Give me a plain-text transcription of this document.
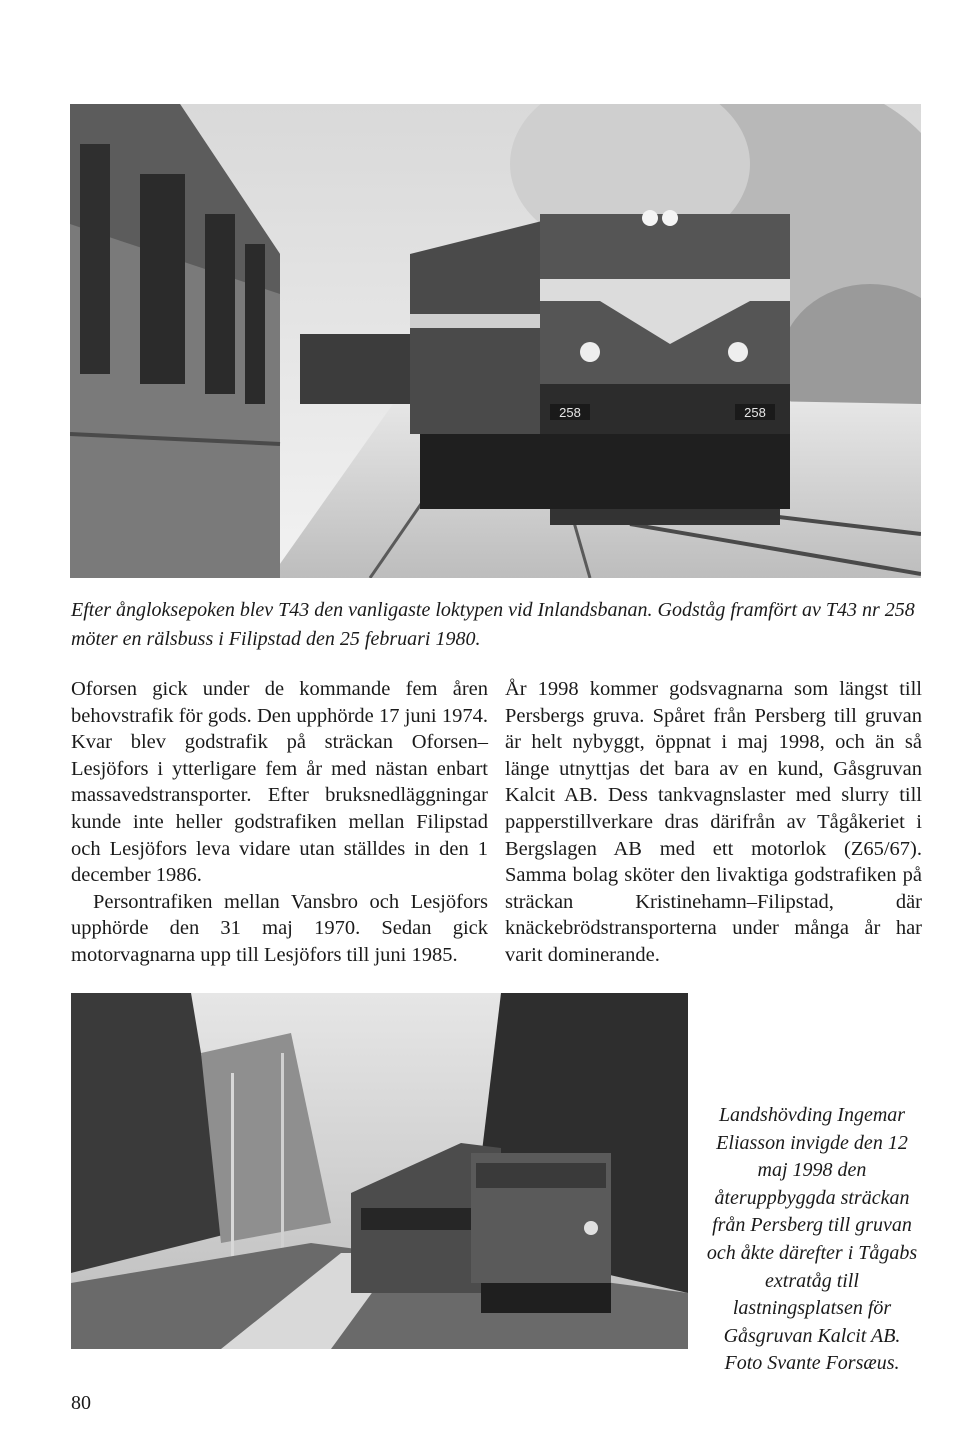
258	258
Efter ångloksepoken blev T43 den vanligaste loktypen vid Inlandsbanan. Godståg framfört av T43 nr 258 möter en rälsbuss i Filipstad den 25 februari 1980.

Oforsen gick under de kommande fem åren behovstrafik för gods. Den upphörde 17 juni 1974. Kvar blev godstrafik på sträckan Oforsen–Lesjöfors i ytterligare fem år med nästan enbart massavedstransporter. Efter bruksnedläggningar kunde inte heller godstrafiken mellan Filipstad och Lesjöfors leva vidare utan ställdes in den 1 december 1986.

Persontrafiken mellan Vansbro och Lesjöfors upphörde den 31 maj 1970. Sedan gick motorvagnarna upp till Lesjöfors till juni 1985.

År 1998 kommer godsvagnarna som längst till Persbergs gruva. Spåret från Persberg till gruvan är helt nybyggt, öppnat i maj 1998, och än så länge utnyttjas det bara av en kund, Gåsgruvan Kalcit AB. Dess tankvagnslaster med slurry till papperstillverkare dras därifrån av Tågåkeriet i Bergslagen AB med ett motorlok (Z65/67). Samma bolag sköter den livaktiga godstrafiken på sträckan Kristinehamn–Filipstad, där knäckebrödstransporterna under många år har varit dominerande.

Landshövding Ingemar Eliasson invigde den 12 maj 1998 den återuppbyggda sträckan från Persberg till gruvan och åkte därefter i Tågabs extratåg till lastningsplatsen för Gåsgruvan Kalcit AB. Foto Svante Forsæus.
80
